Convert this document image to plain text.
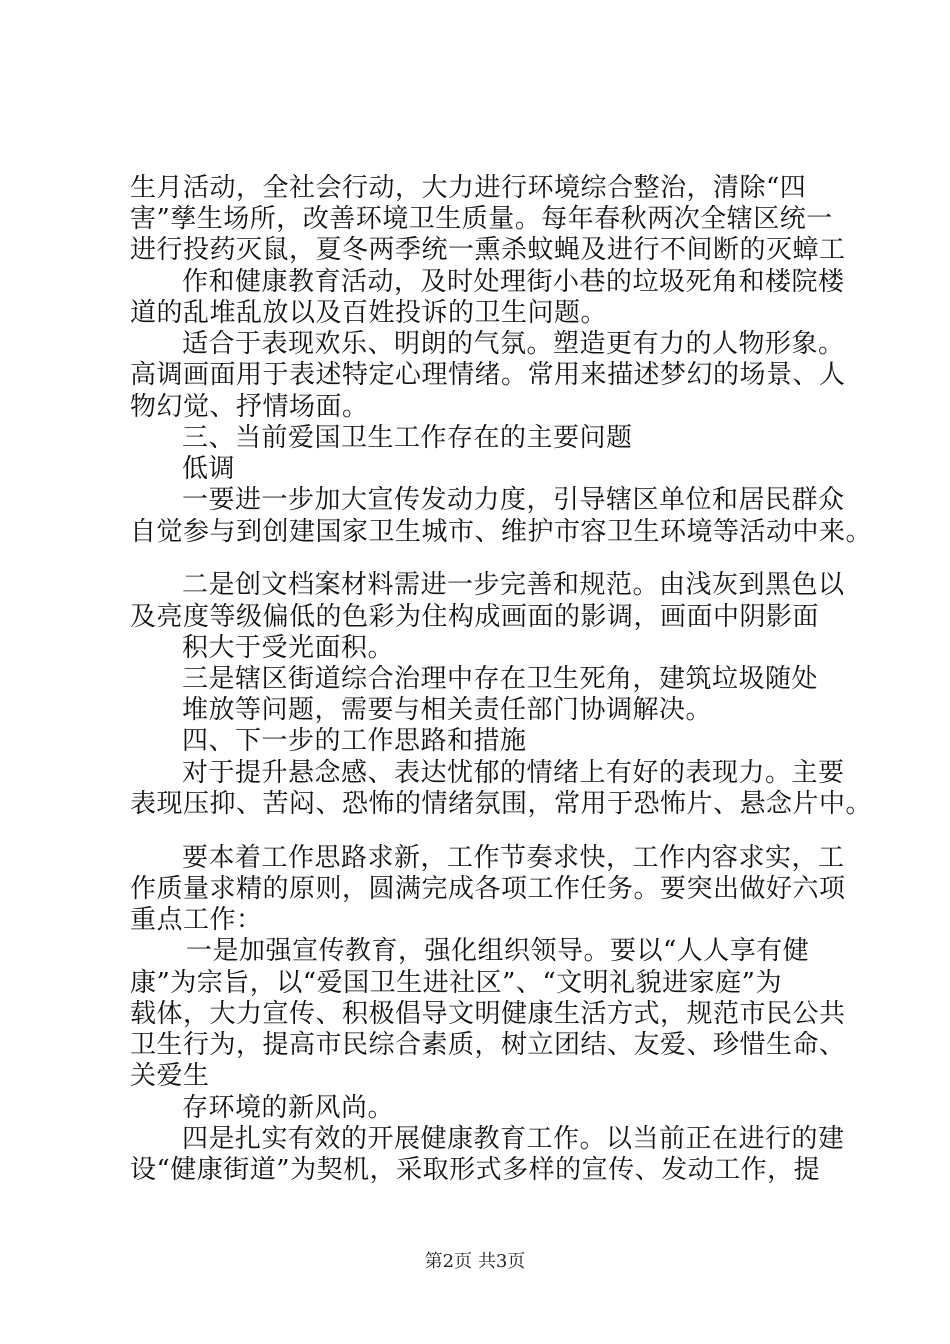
生月活动，全社会行动，大力进行环境综合整治，清除“四
害”孳生场所，改善环境卫生质量。每年春秋两次全辖区统一
进行投药灭鼠，夏冬两季统一熏杀蚊蝇及进行不间断的灭蟑工
作和健康教育活动，及时处理街小巷的垃圾死角和楼院楼
道的乱堆乱放以及百姓投诉的卫生问题。
适合于表现欢乐、明朗的气氛。塑造更有力的人物形象。
高调画面用于表述特定心理情绪。常用来描述梦幻的场景、人
物幻觉、抒情场面。
三、当前爱国卫生工作存在的主要问题
低调
一要进一步加大宣传发动力度，引导辖区单位和居民群众
自觉参与到创建国家卫生城市、维护市容卫生环境等活动中来。
二是创文档案材料需进一步完善和规范。由浅灰到黑色以
及亮度等级偏低的色彩为住构成画面的影调，画面中阴影面
积大于受光面积。
三是辖区街道综合治理中存在卫生死角，建筑垃圾随处
堆放等问题，需要与相关责任部门协调解决。
四、下一步的工作思路和措施
对于提升悬念感、表达忧郁的情绪上有好的表现力。主要
表现压抑、苦闷、恐怖的情绪氛围，常用于恐怖片、悬念片中。
要本着工作思路求新，工作节奏求快，工作内容求实，工
作质量求精的原则，圆满完成各项工作任务。要突出做好六项
重点工作：
一是加强宣传教育，强化组织领导。要以“人人享有健
康”为宗旨，以“爱国卫生进社区”、“文明礼貌进家庭”为
载体，大力宣传、积极倡导文明健康生活方式，规范市民公共
卫生行为，提高市民综合素质，树立团结、友爱、珍惜生命、
关爱生
存环境的新风尚。
四是扎实有效的开展健康教育工作。以当前正在进行的建
设“健康街道”为契机，采取形式多样的宣传、发动工作，提
第2页 共3页
